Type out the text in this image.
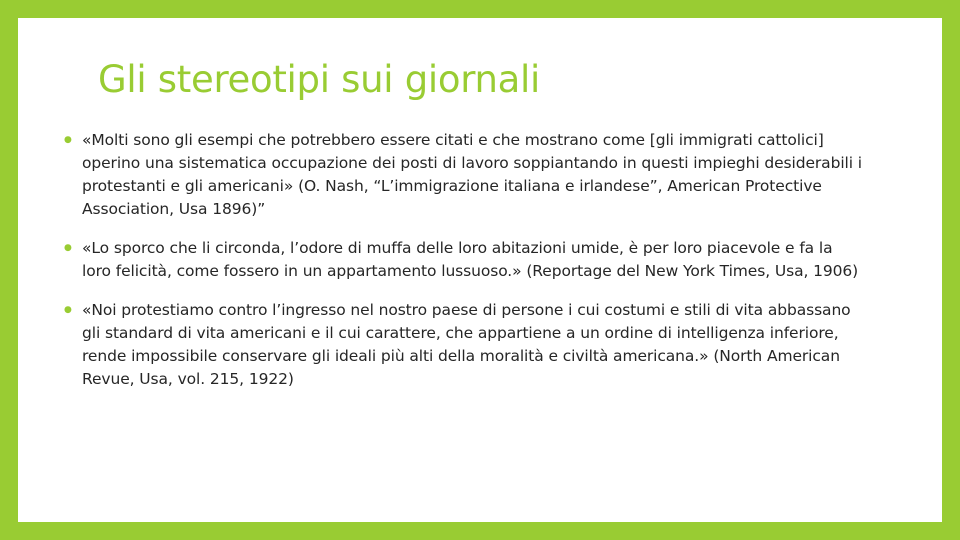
Gli stereotipi sui giornali
● «Molti sono gli esempi che potrebbero essere citati e che mostrano come [gli immigrati cattolici] operino una sistematica occupazione dei posti di lavoro soppiantando in questi impieghi desiderabili i protestanti e gli americani» (O. Nash, “L’immigrazione italiana e irlandese”, American Protective Association, Usa 1896)”
● «Lo sporco che li circonda, l’odore di muffa delle loro abitazioni umide, è per loro piacevole e fa la loro felicità, come fossero in un appartamento lussuoso.» (Reportage del New York Times, Usa, 1906)
● «Noi protestiamo contro l’ingresso nel nostro paese di persone i cui costumi e stili di vita abbassano gli standard di vita americani e il cui carattere, che appartiene a un ordine di intelligenza inferiore, rende impossibile conservare gli ideali più alti della moralità e civiltà americana.» (North American Revue, Usa, vol. 215, 1922)
